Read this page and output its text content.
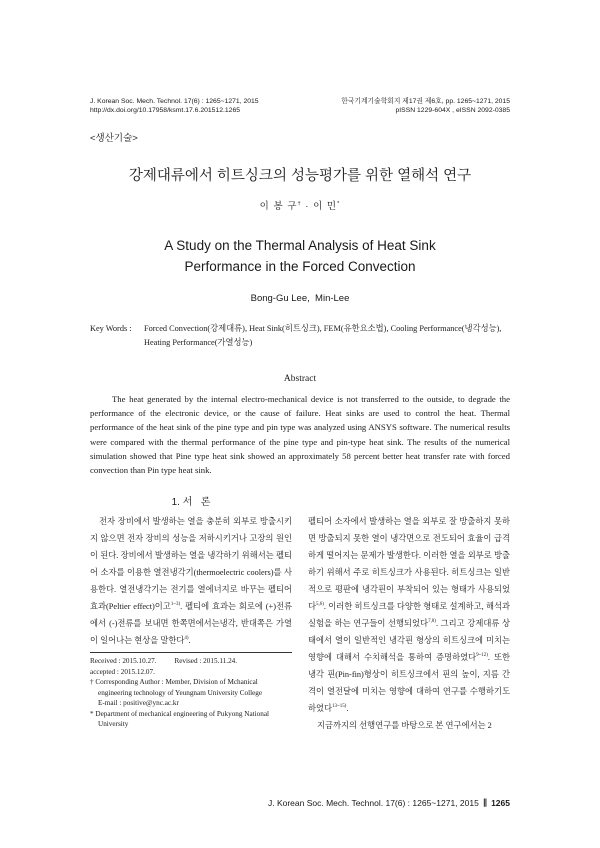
J. Korean Soc. Mech. Technol. 17(6) : 1265~1271, 2015
http://dx.doi.org/10.17958/ksmt.17.6.201512.1265
한국기계기술학회지 제17권 제6호, pp. 1265~1271, 2015
pISSN 1229-604X , eISSN 2092-0385
<생산기술>
강제대류에서 히트싱크의 성능평가를 위한 열해석 연구
이 봉 구† · 이 민*
A Study on the Thermal Analysis of Heat Sink
Performance in the Forced Convection
Bong-Gu Lee,  Min-Lee
Key Words :	Forced Convection(강제대류), Heat Sink(히트싱크), FEM(유한요소법), Cooling Performance(냉각성능), Heating Performance(가열성능)
Abstract
The heat generated by the internal electro-mechanical device is not transferred to the outside, to degrade the performance of the electronic device, or the cause of failure. Heat sinks are used to control the heat. Thermal performance of the heat sink of the pine type and pin type was analyzed using ANSYS software. The numerical results were compared with the thermal performance of the pine type and pin-type heat sink. The results of the numerical simulation showed that Pine type heat sink showed an approximately 58 percent better heat transfer rate with forced convection than Pin type heat sink.
1. 서   론

전자 장비에서 발생하는 열을 충분히 외부로 방출시키지 않으면 전자 장비의 성능을 저하시키거나 고장의 원인이 된다. 장비에서 발생하는 열을 냉각하기 위해서는 펠티어 소자를 이용한 열전냉각기(thermoelectric coolers)를 사용한다. 열전냉각기는 전기를 열에너지로 바꾸는 펠티어 효과(Peltier effect)이고$^{1\sim 3)}$. 펠티에 효과는 회로에 (+)전류에서 (-)전류를 보내면 한쪽면에서는냉각, 반대쪽은 가열이 일어나는 현상을 말한다$^{4)}$.

Received : 2015.10.27.          Revised : 2015.11.24.
accepted : 2015.12.07.
† Corresponding Author : Member, Division of Mchanical engineering technology of Yeungnam University College
E-mail : positive@ync.ac.kr
* Department of mechanical engineering of Pukyong National University

펠티어 소자에서 발생하는 열을 외부로 잘 방출하지 못하면 방출되지 못한 열이 냉각면으로 전도되어 효율이 급격하게 떨어지는 문제가 발생한다. 이러한 열을 외부로 방출하기 위해서 주로 히트싱크가 사용된다. 히트싱크는 일반적으로 평판에 냉각핀이 부착되어 있는 형태가 사용되었다$^{5,6)}$. 이러한 히트싱크를 다양한 형태로 설계하고, 해석과 실험을 하는 연구들이 선행되었다$^{7,8)}$. 그리고 강제대류 상태에서 열이 일반적인 냉각핀 형상의 히트싱크에 미치는 영향에 대해서 수치해석을 통하여 증명하였다$^{9\sim 12)}$. 또한 냉각 핀(Pin-fin)형상이 히트싱크에서 핀의 높이, 지름 간격이 열전달에 미치는 영향에 대하여 연구를 수행하기도 하였다$^{13\sim 15)}$.

지금까지의 선행연구를 바탕으로 본 연구에서는 2

J. Korean Soc. Mech. Technol. 17(6) : 1265~1271, 2015 ∥ 1265
